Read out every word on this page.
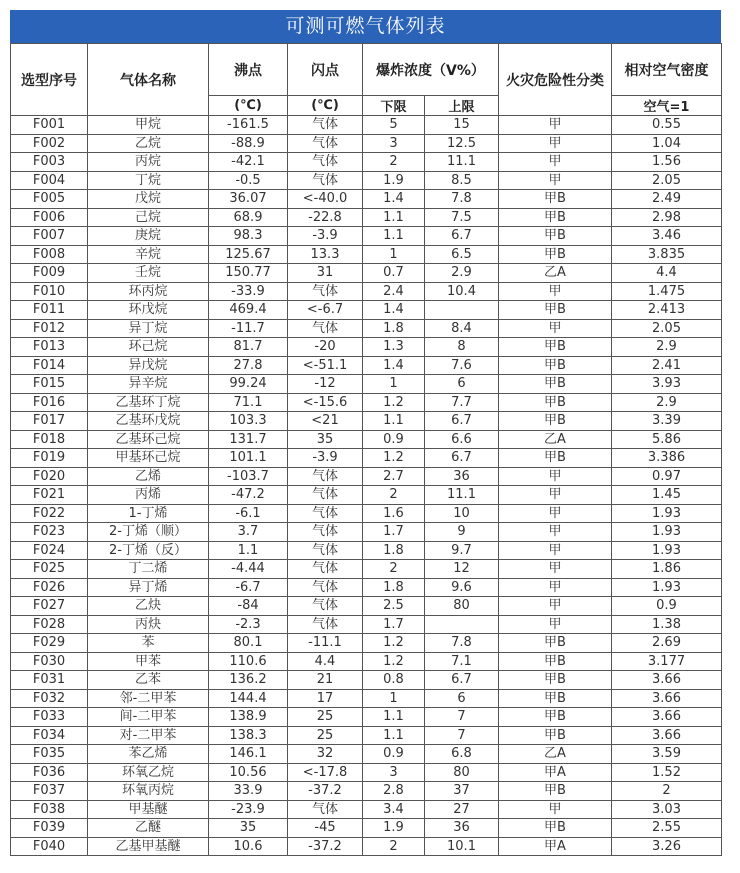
可测可燃气体列表
选型序号	气体名称	沸点	闪点	爆炸浓度（V%）		火灾危险性分类	相对空气密度
		(℃)	(℃)	下限	上限		空气=1
F001	甲烷	-161.5	气体	5	15	甲	0.55
F002	乙烷	-88.9	气体	3	12.5	甲	1.04
F003	丙烷	-42.1	气体	2	11.1	甲	1.56
F004	丁烷	-0.5	气体	1.9	8.5	甲	2.05
F005	戊烷	36.07	<-40.0	1.4	7.8	甲B	2.49
F006	己烷	68.9	-22.8	1.1	7.5	甲B	2.98
F007	庚烷	98.3	-3.9	1.1	6.7	甲B	3.46
F008	辛烷	125.67	13.3	1	6.5	甲B	3.835
F009	壬烷	150.77	31	0.7	2.9	乙A	4.4
F010	环丙烷	-33.9	气体	2.4	10.4	甲	1.475
F011	环戊烷	469.4	<-6.7	1.4		甲B	2.413
F012	异丁烷	-11.7	气体	1.8	8.4	甲	2.05
F013	环己烷	81.7	-20	1.3	8	甲B	2.9
F014	异戊烷	27.8	<-51.1	1.4	7.6	甲B	2.41
F015	异辛烷	99.24	-12	1	6	甲B	3.93
F016	乙基环丁烷	71.1	<-15.6	1.2	7.7	甲B	2.9
F017	乙基环戊烷	103.3	<21	1.1	6.7	甲B	3.39
F018	乙基环己烷	131.7	35	0.9	6.6	乙A	5.86
F019	甲基环己烷	101.1	-3.9	1.2	6.7	甲B	3.386
F020	乙烯	-103.7	气体	2.7	36	甲	0.97
F021	丙烯	-47.2	气体	2	11.1	甲	1.45
F022	1-丁烯	-6.1	气体	1.6	10	甲	1.93
F023	2-丁烯（顺）	3.7	气体	1.7	9	甲	1.93
F024	2-丁烯（反）	1.1	气体	1.8	9.7	甲	1.93
F025	丁二烯	-4.44	气体	2	12	甲	1.86
F026	异丁烯	-6.7	气体	1.8	9.6	甲	1.93
F027	乙炔	-84	气体	2.5	80	甲	0.9
F028	丙炔	-2.3	气体	1.7		甲	1.38
F029	苯	80.1	-11.1	1.2	7.8	甲B	2.69
F030	甲苯	110.6	4.4	1.2	7.1	甲B	3.177
F031	乙苯	136.2	21	0.8	6.7	甲B	3.66
F032	邻-二甲苯	144.4	17	1	6	甲B	3.66
F033	间-二甲苯	138.9	25	1.1	7	甲B	3.66
F034	对-二甲苯	138.3	25	1.1	7	甲B	3.66
F035	苯乙烯	146.1	32	0.9	6.8	乙A	3.59
F036	环氧乙烷	10.56	<-17.8	3	80	甲A	1.52
F037	环氧丙烷	33.9	-37.2	2.8	37	甲B	2
F038	甲基醚	-23.9	气体	3.4	27	甲	3.03
F039	乙醚	35	-45	1.9	36	甲B	2.55
F040	乙基甲基醚	10.6	-37.2	2	10.1	甲A	3.26
